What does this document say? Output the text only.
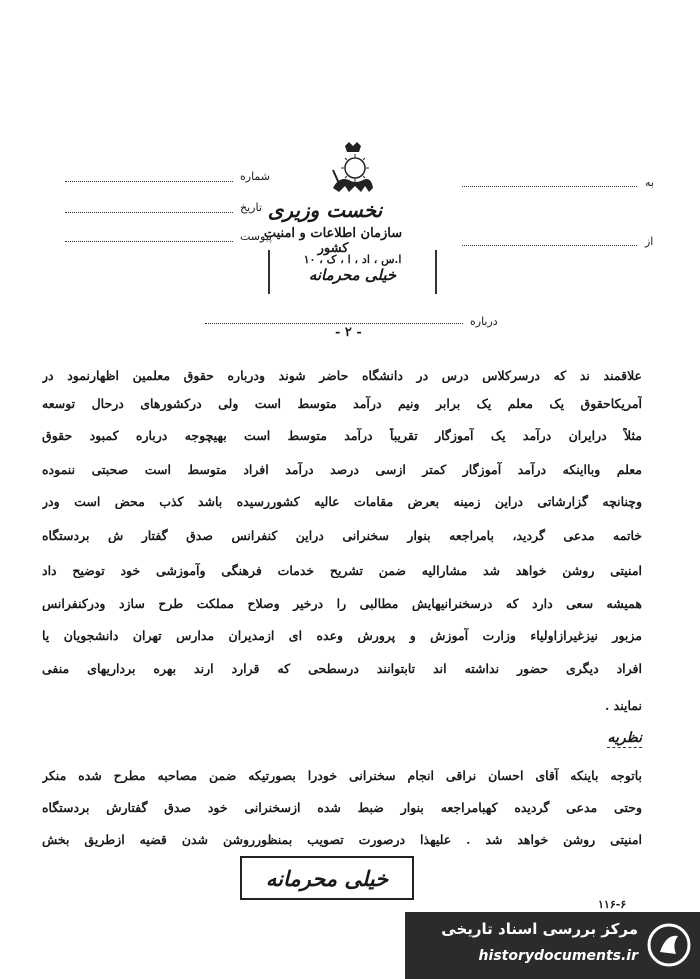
شماره
تاریخ
پیوست
به
از
نخست وزیری
سازمان اطلاعات و امنیت کشور
ا.س ، اد ، ا ، ک ، ۱۰
خیلی محرمانه
درباره
- ۲ -
علاقمند ند که درسرکلاس درس در دانشگاه حاضر شوند ودرباره حقوق معلمین اظهارنمود در
آمریکاحقوق یک معلم یک برابر ونیم درآمد متوسط است ولی درکشورهای درحال توسعه
مثلاً درایران درآمد یک آموزگار تقریباً درآمد متوسط است بهیچوجه درباره کمبود حقوق
معلم وبااینکه درآمد آموزگار کمتر ازسی درصد درآمد افراد متوسط است صحبتی ننموده
وچنانچه گزارشاتی دراین زمینه بعرض مقامات عالیه کشوررسیده باشد کذب محض است ودر
خاتمه مدعی گردید، بامراجعه بنوار سخنرانی دراین کنفرانس صدق گفتار ش بردستگاه
امنیتی روشن خواهد شد مشارالیه ضمن تشریح خدمات فرهنگی وآموزشی خود توضیح داد
همیشه سعی دارد که درسخنرانیهایش مطالبی را درخیر وصلاح مملکت طرح سازد ودرکنفرانس
مزبور نیزغیرازاولیاء وزارت آموزش و پرورش وعده ای ازمدیران مدارس تهران دانشجویان یا
افراد دیگری حضور نداشته اند تابتوانند درسطحی که قرارد ارند بهره برداریهای منفی
نمایند .
نظریه
باتوجه باینکه آقای احسان نراقی انجام سخنرانی خودرا بصورتیکه ضمن مصاحبه مطرح شده منکر
وحتی مدعی گردیده کهبامراجعه بنوار ضبط شده ازسخنرانی خود صدق گفتارش بردستگاه
امنیتی روشن خواهد شد . علیهذا درصورت تصویب بمنظورروشن شدن قضیه ازطریق بخش
خیلی محرمانه
۱۱۶-۶
مرکز بررسی اسناد تاریخی
historydocuments.ir
